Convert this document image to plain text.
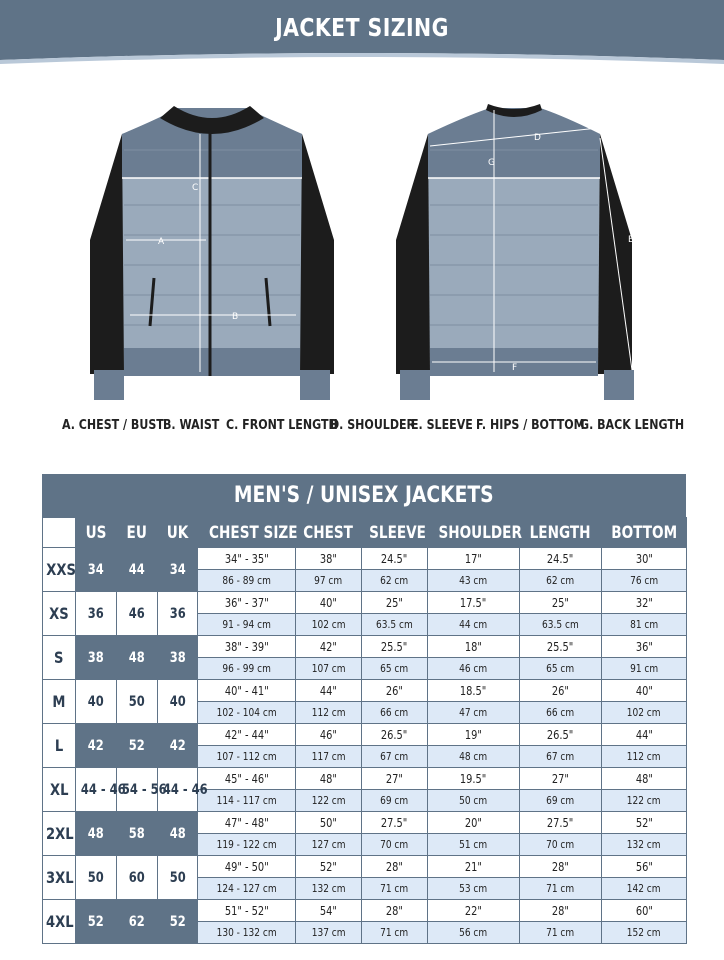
JACKET SIZING
A
B
C
D
G
E
F
A. CHEST / BUST B. WAIST C. FRONT LENGTH
D. SHOULDER
E. SLEEVE F. HIPS / BOTTOM
G. BACK LENGTH
MEN'S / UNISEX JACKETS
	US	EU	UK	CHEST SIZE	CHEST	SLEEVE	SHOULDER	LENGTH	BOTTOM
XXS	34	44	34	34" - 35"	38"	24.5"	17"	24.5"	30"
				86 - 89 cm	97 cm	62 cm	43 cm	62 cm	76 cm
XS	36	46	36	36" - 37"	40"	25"	17.5"	25"	32"
				91 - 94 cm	102 cm	63.5 cm	44 cm	63.5 cm	81 cm
S	38	48	38	38" - 39"	42"	25.5"	18"	25.5"	36"
				96 - 99 cm	107 cm	65 cm	46 cm	65 cm	91 cm
M	40	50	40	40" - 41"	44"	26"	18.5"	26"	40"
				102 - 104 cm	112 cm	66 cm	47 cm	66 cm	102 cm
L	42	52	42	42" - 44"	46"	26.5"	19"	26.5"	44"
				107 - 112 cm	117 cm	67 cm	48 cm	67 cm	112 cm
XL	44 - 46	54 - 56	44 - 46	45" - 46"	48"	27"	19.5"	27"	48"
				114 - 117 cm	122 cm	69 cm	50 cm	69 cm	122 cm
2XL	48	58	48	47" - 48"	50"	27.5"	20"	27.5"	52"
				119 - 122 cm	127 cm	70 cm	51 cm	70 cm	132 cm
3XL	50	60	50	49" - 50"	52"	28"	21"	28"	56"
				124 - 127 cm	132 cm	71 cm	53 cm	71 cm	142 cm
4XL	52	62	52	51" - 52"	54"	28"	22"	28"	60"
				130 - 132 cm	137 cm	71 cm	56 cm	71 cm	152 cm
